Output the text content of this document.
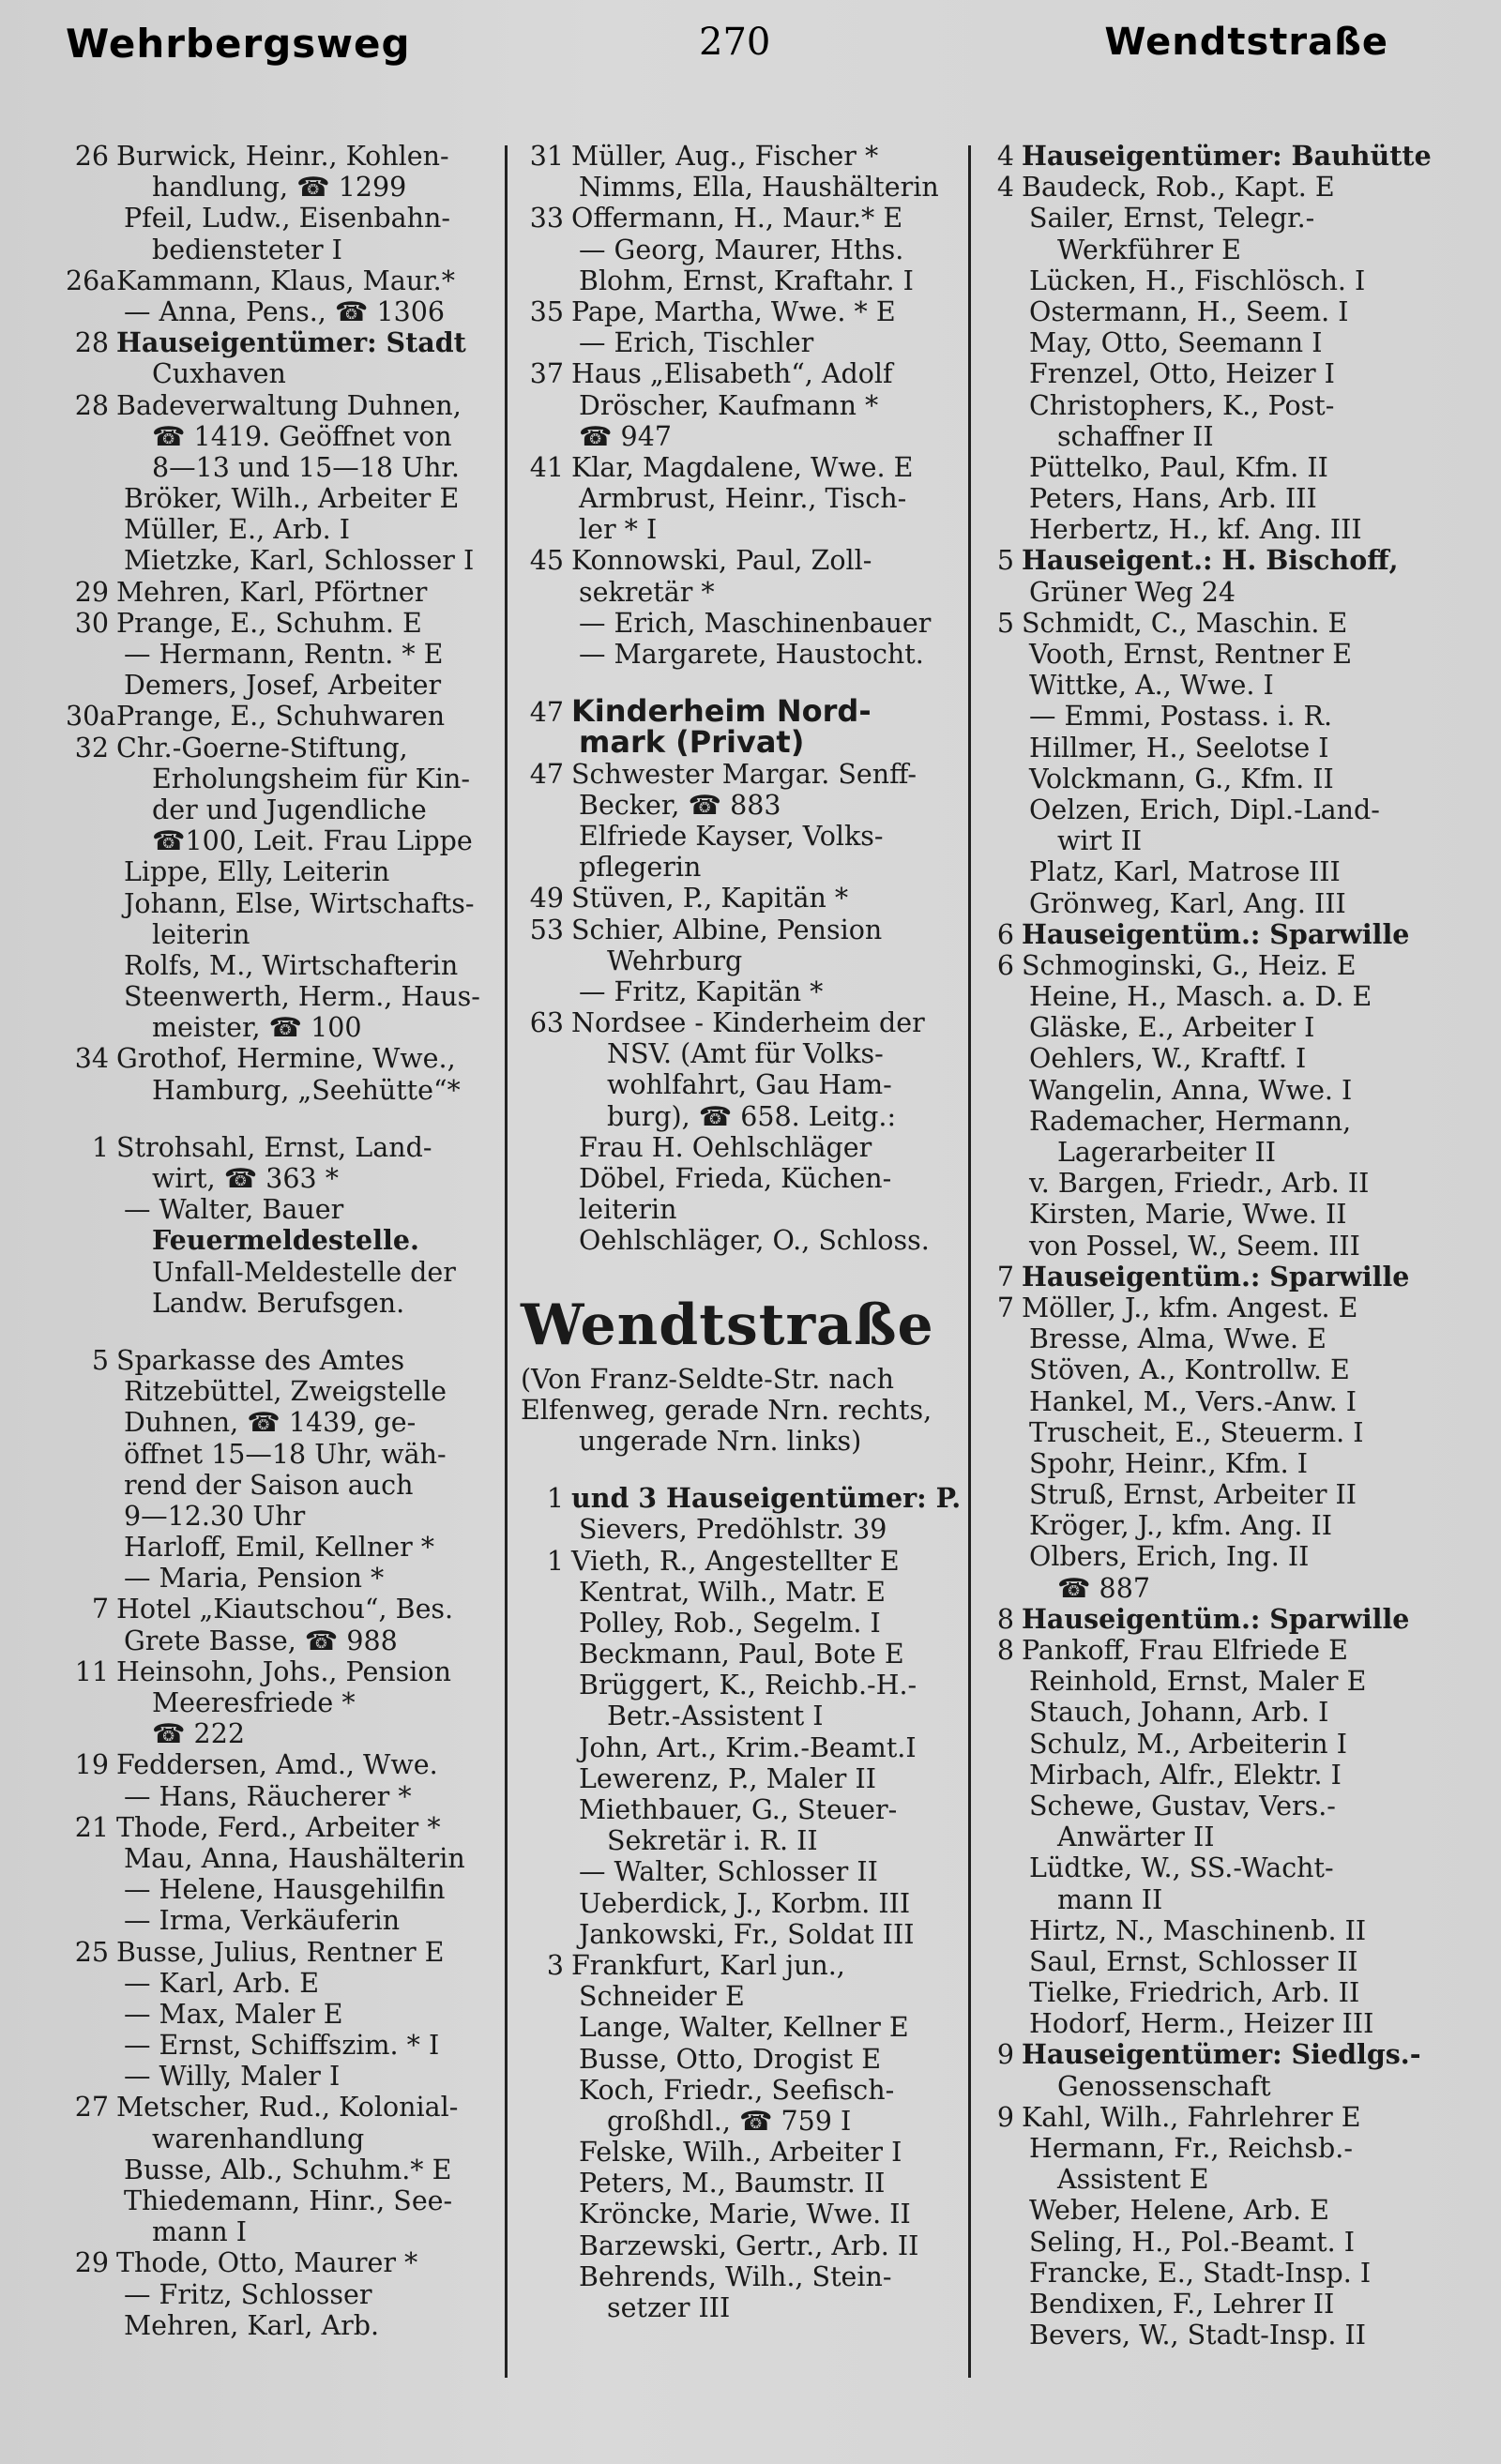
Wehrbergsweg	270	Wendtstraße
26 Burwick, Heinr., Kohlen-
handlung, ☎ 1299
Pfeil, Ludw., Eisenbahn-
bediensteter I
26aKammann, Klaus, Maur.*
— Anna, Pens., ☎ 1306
28 Hauseigentümer: Stadt
Cuxhaven
28 Badeverwaltung Duhnen,
☎ 1419. Geöffnet von
8—13 und 15—18 Uhr.
Bröker, Wilh., Arbeiter E
Müller, E., Arb. I
Mietzke, Karl, Schlosser I
29 Mehren, Karl, Pförtner
30 Prange, E., Schuhm. E
— Hermann, Rentn. * E
Demers, Josef, Arbeiter
30aPrange, E., Schuhwaren
32 Chr.-Goerne-Stiftung,
Erholungsheim für Kin-
der und Jugendliche
☎100, Leit. Frau Lippe
Lippe, Elly, Leiterin
Johann, Else, Wirtschafts-
leiterin
Rolfs, M., Wirtschafterin
Steenwerth, Herm., Haus-
meister, ☎ 100
34 Grothof, Hermine, Wwe.,
Hamburg, „Seehütte“*
1 Strohsahl, Ernst, Land-
wirt, ☎ 363 *
— Walter, Bauer
Feuermeldestelle.
Unfall-Meldestelle der
Landw. Berufsgen.
5 Sparkasse des Amtes
Ritzebüttel, Zweigstelle
Duhnen, ☎ 1439, ge-
öffnet 15—18 Uhr, wäh-
rend der Saison auch
9—12.30 Uhr
Harloff, Emil, Kellner *
— Maria, Pension *
7 Hotel „Kiautschou“, Bes.
Grete Basse, ☎ 988
11 Heinsohn, Johs., Pension
Meeresfriede *
☎ 222
19 Feddersen, Amd., Wwe.
— Hans, Räucherer *
21 Thode, Ferd., Arbeiter *
Mau, Anna, Haushälterin
— Helene, Hausgehilfin
— Irma, Verkäuferin
25 Busse, Julius, Rentner E
— Karl, Arb. E
— Max, Maler E
— Ernst, Schiffszim. * I
— Willy, Maler I
27 Metscher, Rud., Kolonial-
warenhandlung
Busse, Alb., Schuhm.* E
Thiedemann, Hinr., See-
mann I
29 Thode, Otto, Maurer *
— Fritz, Schlosser
Mehren, Karl, Arb.
31 Müller, Aug., Fischer *
Nimms, Ella, Haushälterin
33 Offermann, H., Maur.* E
— Georg, Maurer, Hths.
Blohm, Ernst, Kraftahr. I
35 Pape, Martha, Wwe. * E
— Erich, Tischler
37 Haus „Elisabeth“, Adolf
Dröscher, Kaufmann *
☎ 947
41 Klar, Magdalene, Wwe. E
Armbrust, Heinr., Tisch-
ler * I
45 Konnowski, Paul, Zoll-
sekretär *
— Erich, Maschinenbauer
— Margarete, Haustocht.
47 Kinderheim Nord-
mark (Privat)
47 Schwester Margar. Senff-
Becker, ☎ 883
Elfriede Kayser, Volks-
pflegerin
49 Stüven, P., Kapitän *
53 Schier, Albine, Pension
Wehrburg
— Fritz, Kapitän *
63 Nordsee - Kinderheim der
NSV. (Amt für Volks-
wohlfahrt, Gau Ham-
burg), ☎ 658. Leitg.:
Frau H. Oehlschläger
Döbel, Frieda, Küchen-
leiterin
Oehlschläger, O., Schloss.
Wendtstraße
(Von Franz-Seldte-Str. nach
Elfenweg, gerade Nrn. rechts,
ungerade Nrn. links)
1 und 3 Hauseigentümer: P.
Sievers, Predöhlstr. 39
1 Vieth, R., Angestellter E
Kentrat, Wilh., Matr. E
Polley, Rob., Segelm. I
Beckmann, Paul, Bote E
Brüggert, K., Reichb.-H.-
Betr.-Assistent I
John, Art., Krim.-Beamt.I
Lewerenz, P., Maler II
Miethbauer, G., Steuer-
Sekretär i. R. II
— Walter, Schlosser II
Ueberdick, J., Korbm. III
Jankowski, Fr., Soldat III
3 Frankfurt, Karl jun.,
Schneider E
Lange, Walter, Kellner E
Busse, Otto, Drogist E
Koch, Friedr., Seefisch-
großhdl., ☎ 759 I
Felske, Wilh., Arbeiter I
Peters, M., Baumstr. II
Kröncke, Marie, Wwe. II
Barzewski, Gertr., Arb. II
Behrends, Wilh., Stein-
setzer III
4 Hauseigentümer: Bauhütte
4 Baudeck, Rob., Kapt. E
Sailer, Ernst, Telegr.-
Werkführer E
Lücken, H., Fischlösch. I
Ostermann, H., Seem. I
May, Otto, Seemann I
Frenzel, Otto, Heizer I
Christophers, K., Post-
schaffner II
Püttelko, Paul, Kfm. II
Peters, Hans, Arb. III
Herbertz, H., kf. Ang. III
5 Hauseigent.: H. Bischoff,
Grüner Weg 24
5 Schmidt, C., Maschin. E
Vooth, Ernst, Rentner E
Wittke, A., Wwe. I
— Emmi, Postass. i. R.
Hillmer, H., Seelotse I
Volckmann, G., Kfm. II
Oelzen, Erich, Dipl.-Land-
wirt II
Platz, Karl, Matrose III
Grönweg, Karl, Ang. III
6 Hauseigentüm.: Sparwille
6 Schmoginski, G., Heiz. E
Heine, H., Masch. a. D. E
Gläske, E., Arbeiter I
Oehlers, W., Kraftf. I
Wangelin, Anna, Wwe. I
Rademacher, Hermann,
Lagerarbeiter II
v. Bargen, Friedr., Arb. II
Kirsten, Marie, Wwe. II
von Possel, W., Seem. III
7 Hauseigentüm.: Sparwille
7 Möller, J., kfm. Angest. E
Bresse, Alma, Wwe. E
Stöven, A., Kontrollw. E
Hankel, M., Vers.-Anw. I
Truscheit, E., Steuerm. I
Spohr, Heinr., Kfm. I
Struß, Ernst, Arbeiter II
Kröger, J., kfm. Ang. II
Olbers, Erich, Ing. II
☎ 887
8 Hauseigentüm.: Sparwille
8 Pankoff, Frau Elfriede E
Reinhold, Ernst, Maler E
Stauch, Johann, Arb. I
Schulz, M., Arbeiterin I
Mirbach, Alfr., Elektr. I
Schewe, Gustav, Vers.-
Anwärter II
Lüdtke, W., SS.-Wacht-
mann II
Hirtz, N., Maschinenb. II
Saul, Ernst, Schlosser II
Tielke, Friedrich, Arb. II
Hodorf, Herm., Heizer III
9 Hauseigentümer: Siedlgs.-
Genossenschaft
9 Kahl, Wilh., Fahrlehrer E
Hermann, Fr., Reichsb.-
Assistent E
Weber, Helene, Arb. E
Seling, H., Pol.-Beamt. I
Francke, E., Stadt-Insp. I
Bendixen, F., Lehrer II
Bevers, W., Stadt-Insp. II
